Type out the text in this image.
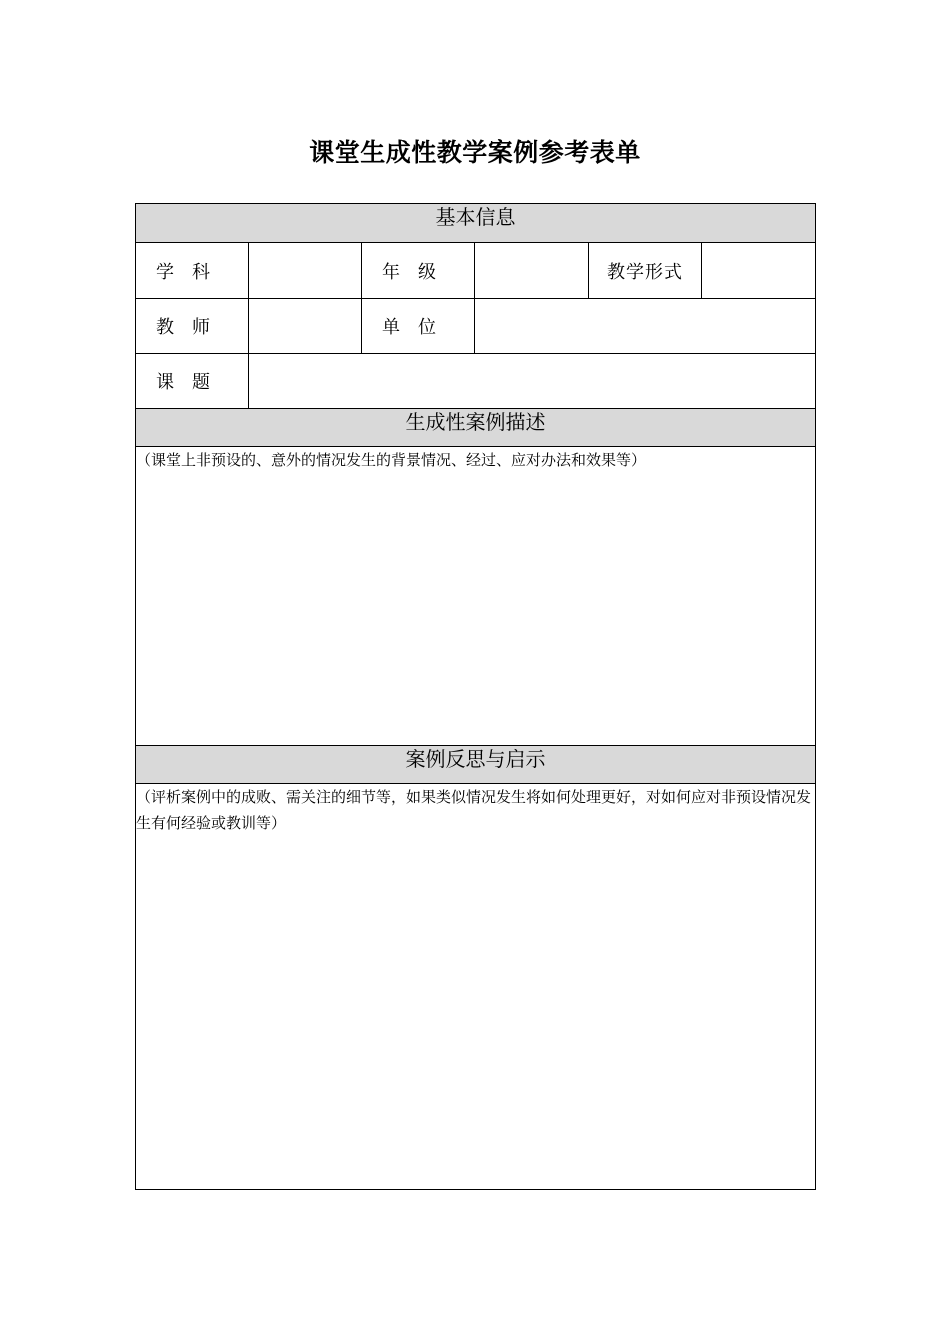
课堂生成性教学案例参考表单
基本信息					
学科		年级		教学形式	
教师		单位			
课题					
生成性案例描述					
（课堂上非预设的、意外的情况发生的背景情况、经过、应对办法和效果等）					
案例反思与启示					
（评析案例中的成败、需关注的细节等，如果类似情况发生将如何处理更好，对如何应对非预设情况发生有何经验或教训等）					
